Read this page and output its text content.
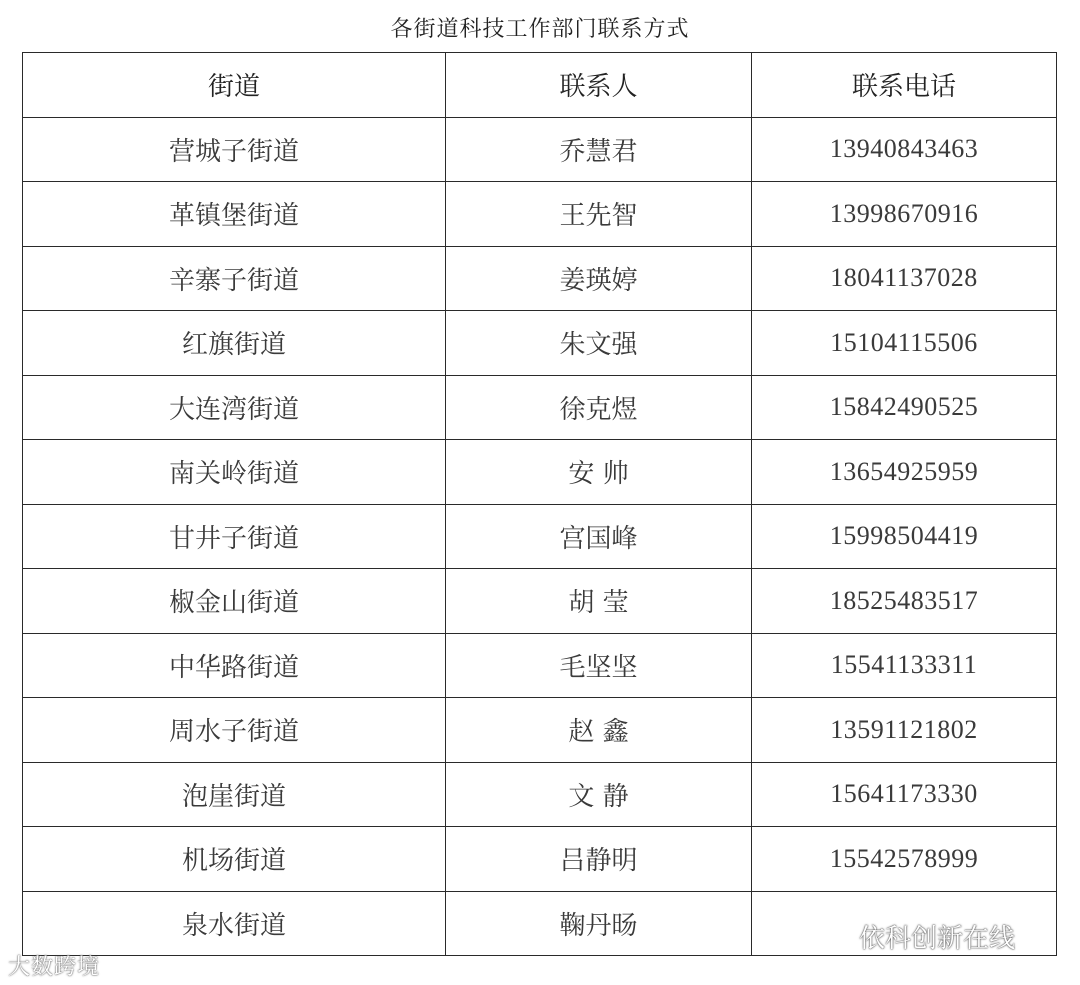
各街道科技工作部门联系方式
街道	联系人	联系电话
营城子街道	乔慧君	13940843463
革镇堡街道	王先智	13998670916
辛寨子街道	姜瑛婷	18041137028
红旗街道	朱文强	15104115506
大连湾街道	徐克煜	15842490525
南关岭街道	安 帅	13654925959
甘井子街道	宫国峰	15998504419
椒金山街道	胡 莹	18525483517
中华路街道	毛坚坚	15541133311
周水子街道	赵 鑫	13591121802
泡崖街道	文 静	15641173330
机场街道	吕静明	15542578999
泉水街道	鞠丹旸	
大数跨境
依科创新在线
